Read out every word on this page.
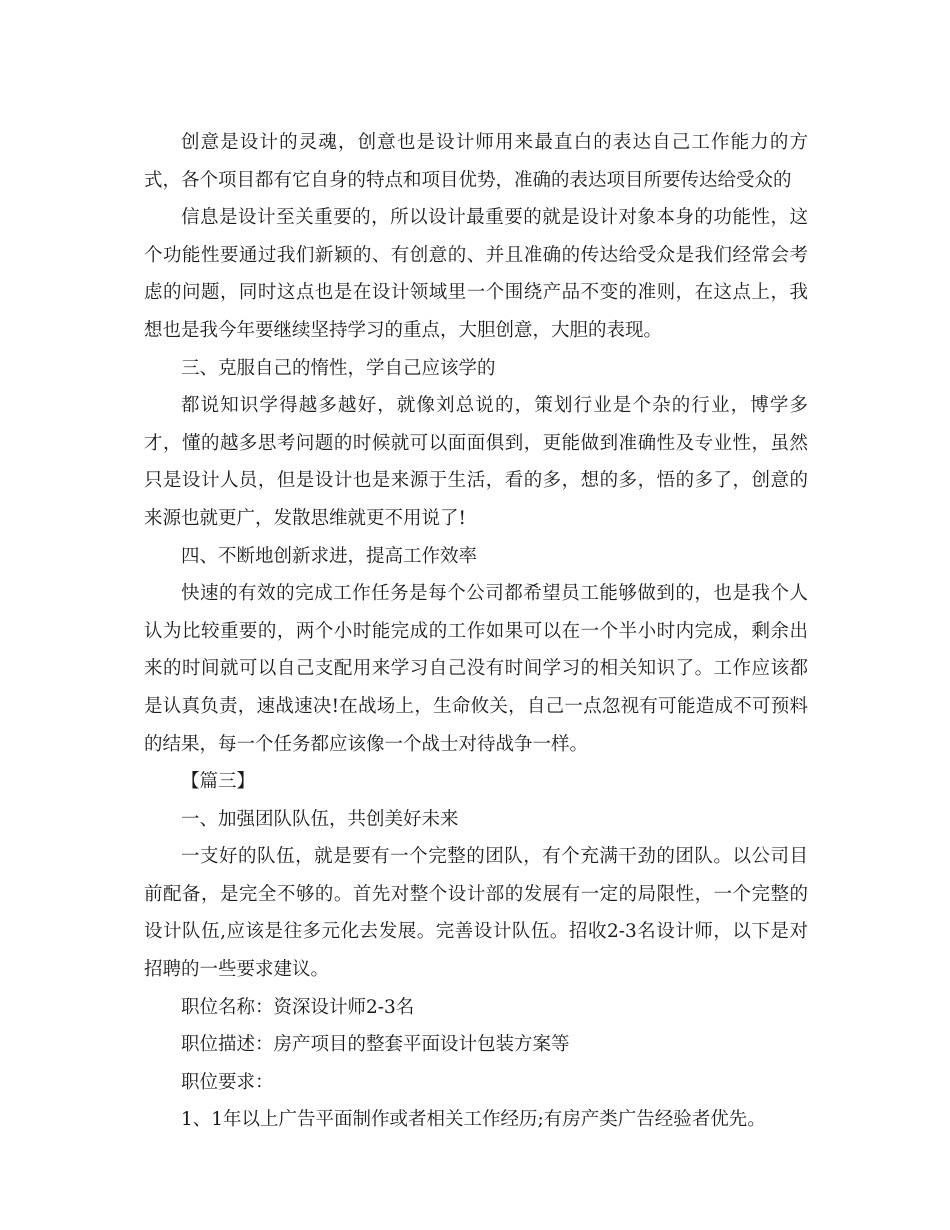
创意是设计的灵魂，创意也是设计师用来最直白的表达自己工作能力的方式，各个项目都有它自身的特点和项目优势，准确的表达项目所要传达给受众的

信息是设计至关重要的，所以设计最重要的就是设计对象本身的功能性，这个功能性要通过我们新颖的、有创意的、并且准确的传达给受众是我们经常会考虑的问题，同时这点也是在设计领域里一个围绕产品不变的准则，在这点上，我想也是我今年要继续坚持学习的重点，大胆创意，大胆的表现。

三、克服自己的惰性，学自己应该学的

都说知识学得越多越好，就像刘总说的，策划行业是个杂的行业，博学多才，懂的越多思考问题的时候就可以面面俱到，更能做到准确性及专业性，虽然只是设计人员，但是设计也是来源于生活，看的多，想的多，悟的多了，创意的来源也就更广，发散思维就更不用说了!

四、不断地创新求进，提高工作效率

快速的有效的完成工作任务是每个公司都希望员工能够做到的，也是我个人认为比较重要的，两个小时能完成的工作如果可以在一个半小时内完成，剩余出来的时间就可以自己支配用来学习自己没有时间学习的相关知识了。工作应该都是认真负责，速战速决!在战场上，生命攸关，自己一点忽视有可能造成不可预料的结果，每一个任务都应该像一个战士对待战争一样。

【篇三】

一、加强团队队伍，共创美好未来

一支好的队伍，就是要有一个完整的团队，有个充满干劲的团队。以公司目前配备，是完全不够的。首先对整个设计部的发展有一定的局限性，一个完整的设计队伍,应该是往多元化去发展。完善设计队伍。招收2-3名设计师，以下是对招聘的一些要求建议。

职位名称：资深设计师2-3名

职位描述：房产项目的整套平面设计包装方案等

职位要求：

1、1年以上广告平面制作或者相关工作经历;有房产类广告经验者优先。
